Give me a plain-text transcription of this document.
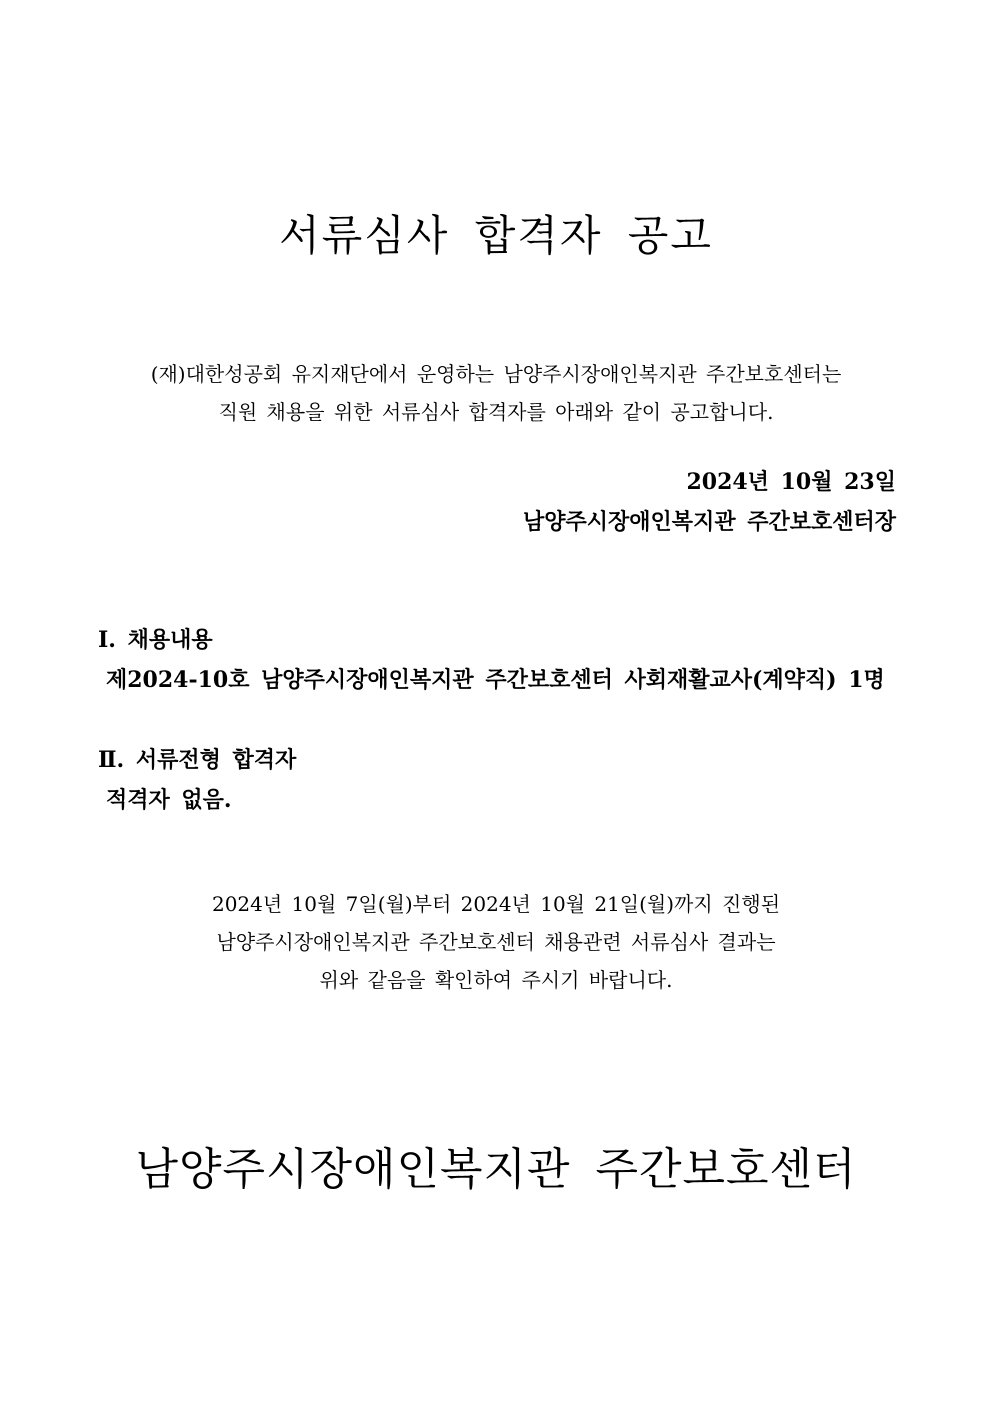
서류심사 합격자 공고
(재)대한성공회 유지재단에서 운영하는 남양주시장애인복지관 주간보호센터는
직원 채용을 위한 서류심사 합격자를 아래와 같이 공고합니다.
2024년 10월 23일
남양주시장애인복지관 주간보호센터장
Ⅰ. 채용내용
제2024-10호 남양주시장애인복지관 주간보호센터 사회재활교사(계약직) 1명
Ⅱ. 서류전형 합격자
적격자 없음.
2024년 10월 7일(월)부터 2024년 10월 21일(월)까지 진행된
남양주시장애인복지관 주간보호센터 채용관련 서류심사 결과는
위와 같음을 확인하여 주시기 바랍니다.
남양주시장애인복지관 주간보호센터
